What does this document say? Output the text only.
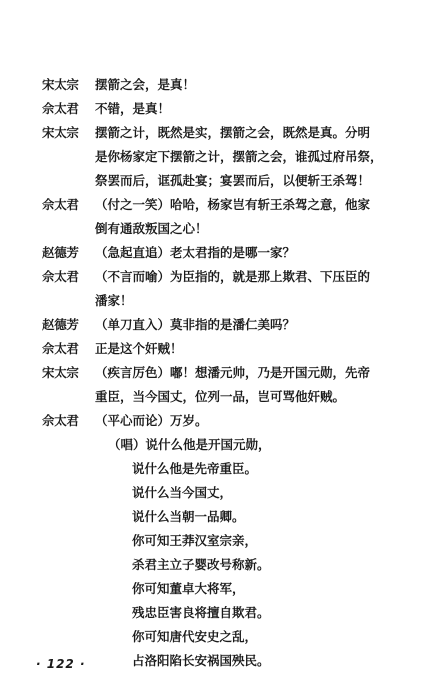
宋太宗	摆箭之会，是真！
佘太君	不错，是真！
宋太宗	摆箭之计，既然是实，摆箭之会，既然是真。分明
是你杨家定下摆箭之计，摆箭之会，谁孤过府吊祭，
祭罢而后，诓孤赴宴；宴罢而后，以便斩王杀驾！
佘太君	（付之一笑）哈哈，杨家岂有斩王杀驾之意，他家
倒有通敌叛国之心！
赵德芳	（急起直追）老太君指的是哪一家？
佘太君	（不言而喻）为臣指的，就是那上欺君、下压臣的
潘家！
赵德芳	（单刀直入）莫非指的是潘仁美吗？
佘太君	正是这个奸贼！
宋太宗	（疾言厉色）嘟！想潘元帅，乃是开国元勋，先帝
重臣，当今国丈，位列一品，岂可骂他奸贼。
佘太君	（平心而论）万岁。
（唱）说什么他是开国元勋，
说什么他是先帝重臣。
说什么当今国丈，
说什么当朝一品卿。
你可知王莽汉室宗亲，
杀君主立子婴改号称新。
你可知董卓大将军，
残忠臣害良将擅自欺君。
你可知唐代安史之乱，
占洛阳陷长安祸国殃民。
· 122 ·
